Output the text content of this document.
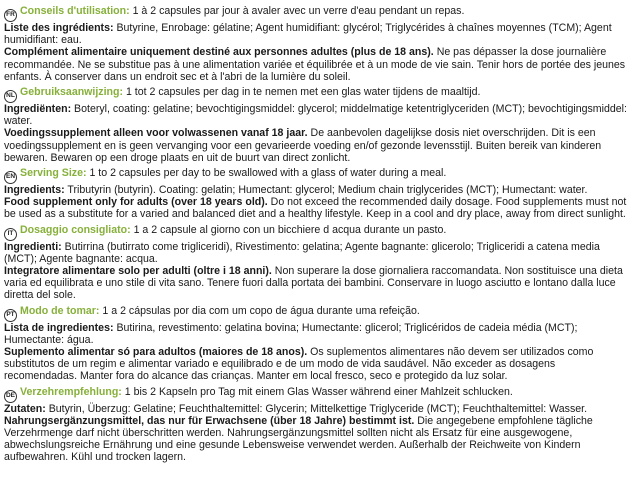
FR Conseils d'utilisation: 1 à 2 capsules par jour à avaler avec un verre d'eau pendant un repas.
Liste des ingrédients: Butyrine, Enrobage: gélatine; Agent humidifiant: glycérol; Triglycérides à chaînes moyennes (TCM); Agent humidifiant: eau.
Complément alimentaire uniquement destiné aux personnes adultes (plus de 18 ans). Ne pas dépasser la dose journalière recommandée. Ne se substitue pas à une alimentation variée et équilibrée et à un mode de vie sain. Tenir hors de portée des jeunes enfants. À conserver dans un endroit sec et à l'abri de la lumière du soleil.
NL Gebruiksaanwijzing: 1 tot 2 capsules per dag in te nemen met een glas water tijdens de maaltijd.
Ingrediënten: Boteryl, coating: gelatine; bevochtigingsmiddel: glycerol; middelmatige ketentriglyceriden (MCT); bevochtigingsmiddel: water.
Voedingssupplement alleen voor volwassenen vanaf 18 jaar. De aanbevolen dagelijkse dosis niet overschrijden. Dit is een voedingssupplement en is geen vervanging voor een gevarieerde voeding en/of gezonde levensstijl. Buiten bereik van kinderen bewaren. Bewaren op een droge plaats en uit de buurt van direct zonlicht.
EN Serving Size: 1 to 2 capsules per day to be swallowed with a glass of water during a meal.
Ingredients: Tributyrin (butyrin). Coating: gelatin; Humectant: glycerol; Medium chain triglycerides (MCT); Humectant: water.
Food supplement only for adults (over 18 years old). Do not exceed the recommended daily dosage. Food supplements must not be used as a substitute for a varied and balanced diet and a healthy lifestyle. Keep in a cool and dry place, away from direct sunlight.
IT Dosaggio consigliato: 1 a 2 capsule al giorno con un bicchiere d acqua durante un pasto.
Ingredienti: Butirrina (butirrato come trigliceridi), Rivestimento: gelatina; Agente bagnante: glicerolo; Trigliceridi a catena media (MCT); Agente bagnante: acqua.
Integratore alimentare solo per adulti (oltre i 18 anni). Non superare la dose giornaliera raccomandata. Non sostituisce una dieta varia ed equilibrata e uno stile di vita sano. Tenere fuori dalla portata dei bambini. Conservare in luogo asciutto e lontano dalla luce diretta del sole.
PT Modo de tomar: 1 a 2 cápsulas por dia com um copo de água durante uma refeição.
Lista de ingredientes: Butirina, revestimento: gelatina bovina; Humectante: glicerol; Triglicéridos de cadeia média (MCT); Humectante: água.
Suplemento alimentar só para adultos (maiores de 18 anos). Os suplementos alimentares não devem ser utilizados como substitutos de um regim e alimentar variado e equilibrado e de um modo de vida saudável. Não exceder as dosagens recomendadas. Manter fora do alcance das crianças. Manter em local fresco, seco e protegido da luz solar.
DE Verzehrempfehlung: 1 bis 2 Kapseln pro Tag mit einem Glas Wasser während einer Mahlzeit schlucken.
Zutaten: Butyrin, Überzug: Gelatine; Feuchthaltemittel: Glycerin; Mittelkettige Triglyceride (MCT); Feuchthaltemittel: Wasser.
Nahrungsergänzungsmittel, das nur für Erwachsene (über 18 Jahre) bestimmt ist. Die angegebene empfohlene tägliche Verzehrmenge darf nicht überschritten werden. Nahrungsergänzungsmittel sollten nicht als Ersatz für eine ausgewogene, abwechslungsreiche Ernährung und eine gesunde Lebensweise verwendet werden. Außerhalb der Reichweite von Kindern aufbewahren. Kühl und trocken lagern.
